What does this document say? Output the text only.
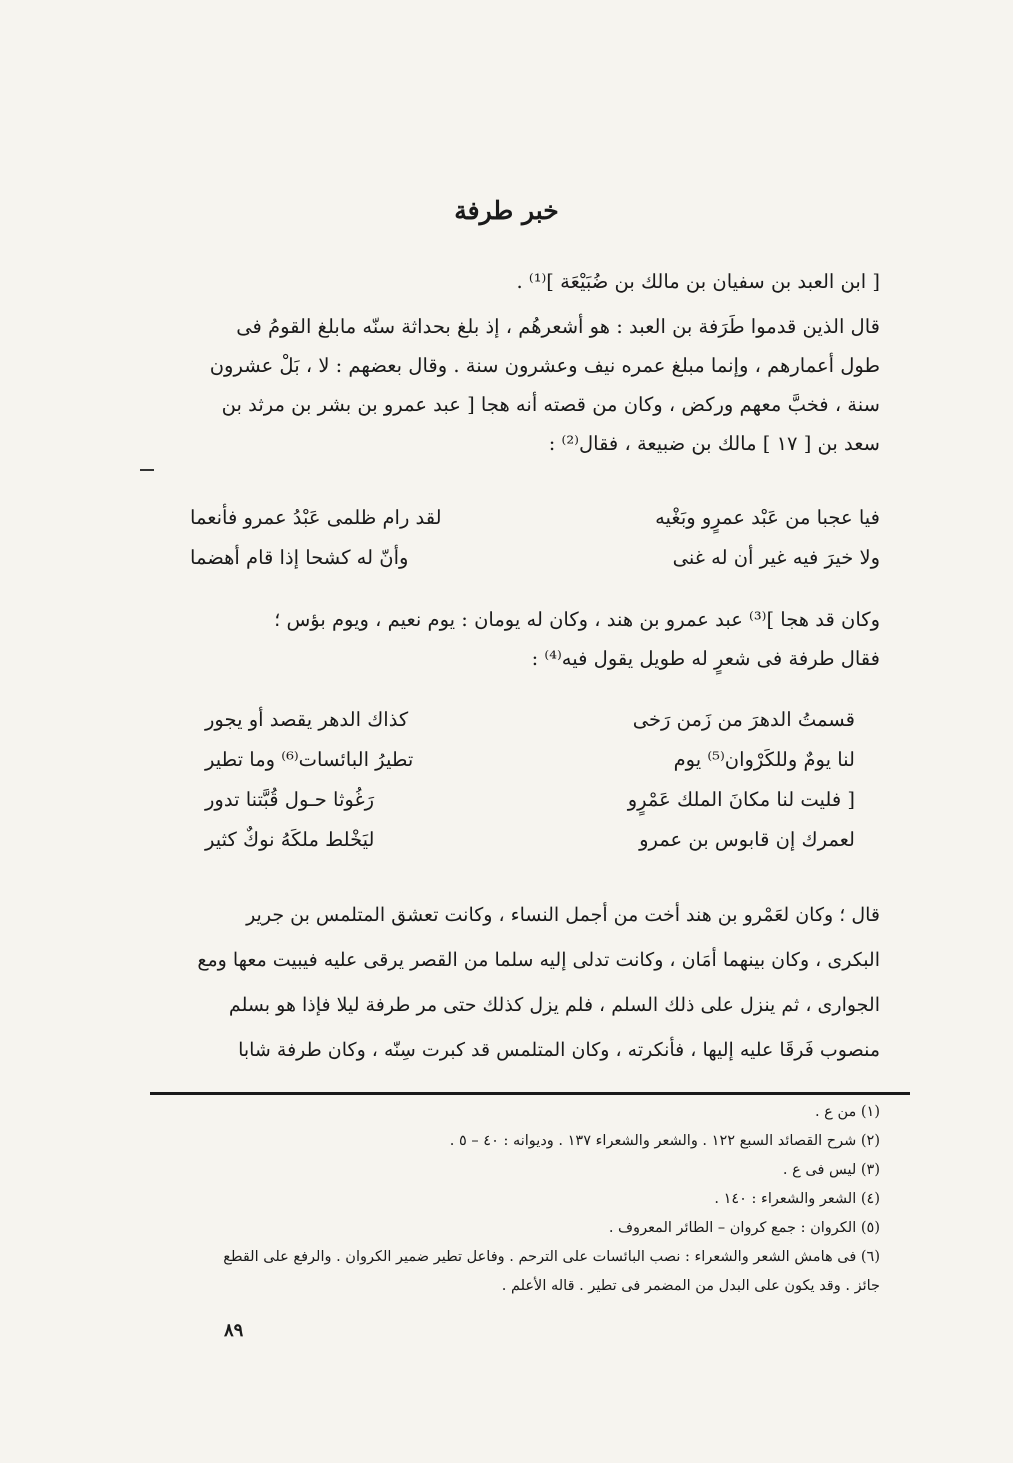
خبر طرفة
[ ابن العبد بن سفيان بن مالك بن ضُبَيْعَة ]⁽¹⁾ .
قال الذين قدموا طَرَفة بن العبد : هو أشعرهُم ، إذ بلغ بحداثة سنّه مابلغ القومُ فى
طول أعمارهم ، وإنما مبلغ عمره نيف وعشرون سنة . وقال بعضهم : لا ، بَلْ عشرون
سنة ، فخبَّ معهم وركض ، وكان من قصته أنه هجا [ عبد عمرو بن بشر بن مرثد بن
سعد بن [ ١٧ ] مالك بن ضبيعة ، فقال⁽²⁾ :
فيا عجبا من عَبْد عمرٍو وبَغْيه
لقد رام ظلمى عَبْدُ عمرو فأنعما
ولا خيرَ فيه غير أن له غنى
وأنّ له كشحا إذا قام أهضما
وكان قد هجا ]⁽³⁾ عبد عمرو بن هند ، وكان له يومان : يوم نعيم ، ويوم بؤس ؛
فقال طرفة فى شعرٍ له طويل يقول فيه⁽⁴⁾ :
قسمتُ الدهرَ من زَمن رَخى
كذاك الدهر يقصد أو يجور
لنا يومٌ وللكَرْوان⁽⁵⁾ يوم
تطيرُ البائسات⁽⁶⁾ وما تطير
[ فليت لنا مكانَ الملك عَمْرٍو
رَغُوثا حـول قُبَّتنا تدور
لعمرك إن قابوس بن عمرو
ليَخْلط ملكَهُ نوكٌ كثير
قال ؛ وكان لعَمْرو بن هند أخت من أجمل النساء ، وكانت تعشق المتلمس بن جرير
البكرى ، وكان بينهما أمَان ، وكانت تدلى إليه سلما من القصر يرقى عليه فيبيت معها ومع
الجوارى ، ثم ينزل على ذلك السلم ، فلم يزل كذلك حتى مر طرفة ليلا فإذا هو بسلم
منصوب فَرقَا عليه إليها ، فأنكرته ، وكان المتلمس قد كبرت سِنّه ، وكان طرفة شابا
(١) من ع .
(٢) شرح القصائد السبع ١٢٢ . والشعر والشعراء ١٣٧ . وديوانه : ٤٠ – ٥ .
(٣) ليس فى ع .
(٤) الشعر والشعراء : ١٤٠ .
(٥) الكروان : جمع كروان – الطائر المعروف .
(٦) فى هامش الشعر والشعراء : نصب البائسات على الترحم . وفاعل تطير ضمير الكروان . والرفع على القطع
جائز . وقد يكون على البدل من المضمر فى تطير . قاله الأعلم .
٨٩
